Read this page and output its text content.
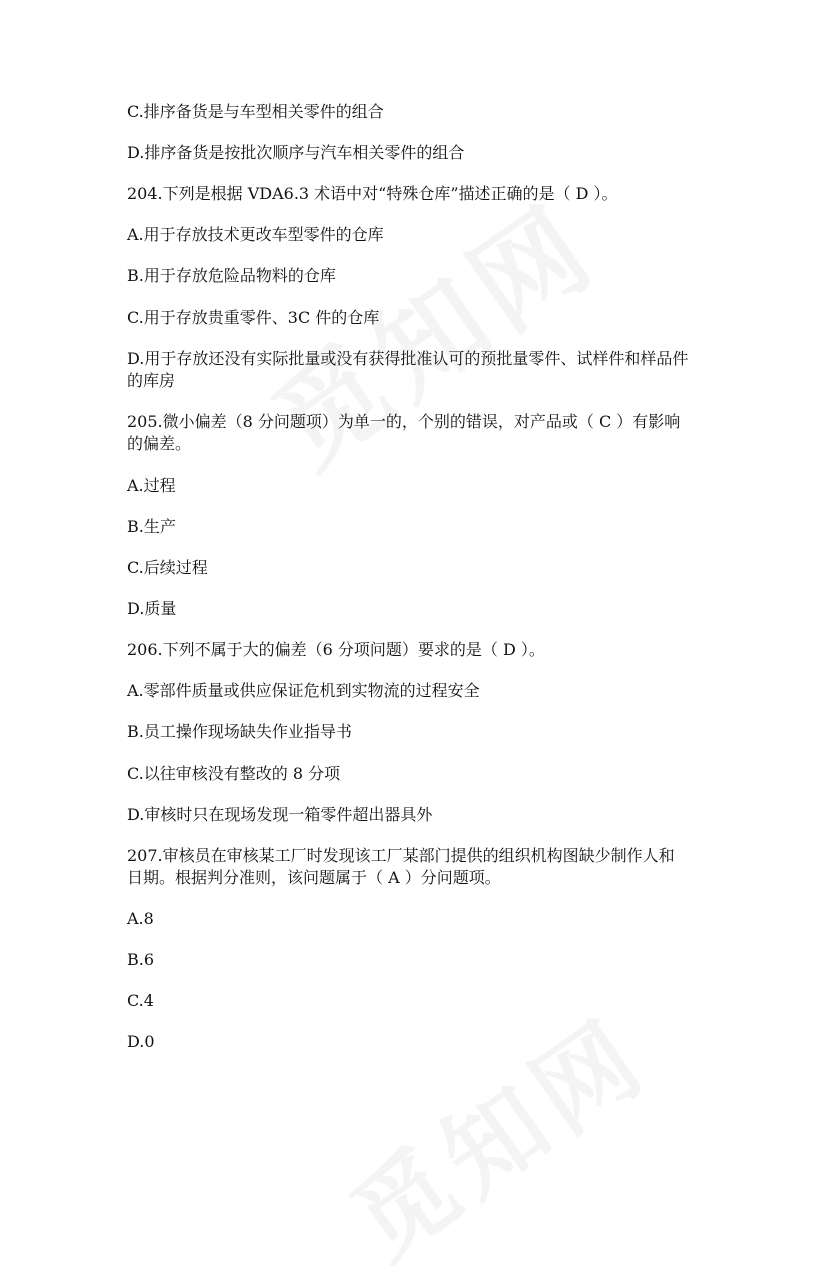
C.排序备货是与车型相关零件的组合
D.排序备货是按批次顺序与汽车相关零件的组合
204.下列是根据 VDA6.3 术语中对“特殊仓库”描述正确的是（ D ）。
A.用于存放技术更改车型零件的仓库
B.用于存放危险品物料的仓库
C.用于存放贵重零件、3C 件的仓库
D.用于存放还没有实际批量或没有获得批准认可的预批量零件、试样件和样品件
的库房
205.微小偏差（8 分问题项）为单一的，个别的错误，对产品或（ C ）有影响
的偏差。
A.过程
B.生产
C.后续过程
D.质量
206.下列不属于大的偏差（6 分项问题）要求的是（ D ）。
A.零部件质量或供应保证危机到实物流的过程安全
B.员工操作现场缺失作业指导书
C.以往审核没有整改的 8 分项
D.审核时只在现场发现一箱零件超出器具外
207.审核员在审核某工厂时发现该工厂某部门提供的组织机构图缺少制作人和
日期。根据判分准则，该问题属于（ A ）分问题项。
A.8
B.6
C.4
D.0
